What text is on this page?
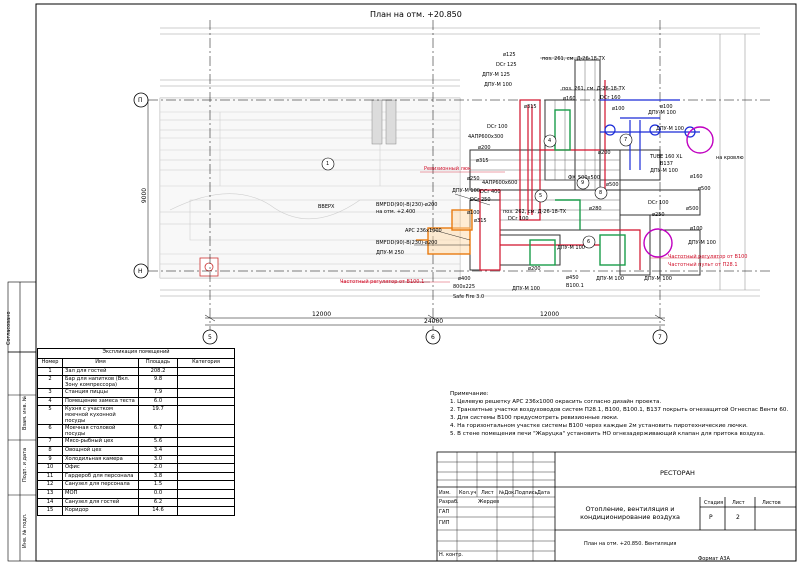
План на отм. +20.850
П
Н
5	6	7
12000
24000
12000
9000
1
4
5
6
7
8
9
ВВЕРХ
поз. 261, см. Д-26-18-ТХ
поз. 261, см. Д-26-18-ТХ
ø125
DCr 125
ДПУ-М 125
ДПУ-М 100
DCr 160
ø315
DCr 100
4АПР600х300
ø200
ø315
4АПР600х600
Ревизионный люк
ø250
ДПУ-М 100 DCr 400
BMFDD(90)-B(230)-ø200
на отм. +2.400	ø100
DCr 250
поз. 262, см. Д-26-18-ТХ
DCr 100
АРС 236х1000
BMFDD(90)-B(230)-ø200
ДПУ-М 250
ø400
800х225
Safe Fire 3.0
Частотный регулятор от В100.1
ДПУ-М 100	В100.1
ø450	ДПУ-М 100	ДПУ-М 100
ø500
ø200
ø500
ДПУ-М 100
500х500
ФК
ø100
ДПУ-М 100
ДПУ-М 100
TUBE 160 XL
В137
на кровлю
ø160
DCr 100
ø250
Частотный регулятор от В100
Частотный пульт от П28.1
ø100
ДПУ-М 100
ø100
ø160
ø200
ø315
ø500
ø280
ДПУ-М 100
Экспликация помещений			
Номер	Имя	Площадь	Категория
1	Зал для гостей	208.2	
2	Бар для напитков (Вкл. Зону компрессора)	9.8	
3	Станция пиццы	7.9	
4	Помещение замеса теста	6.0	
5	Кухня с участком моечной кухонной посуды	19.7	
6	Моечная столовой посуды	6.7	
7	Мясо-рыбный цех	5.6	
8	Овощной цех	3.4	
9	Холодильная камера	3.0	
10	Офис	2.0	
11	Гардероб для персонала	3.8	
12	Санузел для персонала	1.5	
13	МОП	0.0	
14	Санузел для гостей	6.2	
15	Коридор	14.6	
Примечание:
1. Целевую решетку АРС 236х1000 окрасить согласно дизайн проекта.
2. Транзитные участки воздуховодов систем П28.1, В100, В100.1, В137 покрыть огнезащитой Огнеспас Венти 60.
3. Для системы В100 предусмотреть ревизионные люки.
4. На горизонтальном участке системы В100 через каждые 2м установить пиротехнические лючки.
5. В стене помещения печи "Жаруцка" установить НО огнезадерживающий клапан для притока воздуха.
РЕСТОРАН
Отопление, вентиляция и кондиционирование воздуха
Стадия Лист	Листов
Р	2
План на отм. +20.850. Вентиляция
Изм. Кол.уч Лист №Док. Подпись Дата
Разраб.	Жердев
ГАП
ГИП
Н. контр.
Формат А3А
Согласовано
Взам. инв. №
Подп. и дата
Инв. № подл.
